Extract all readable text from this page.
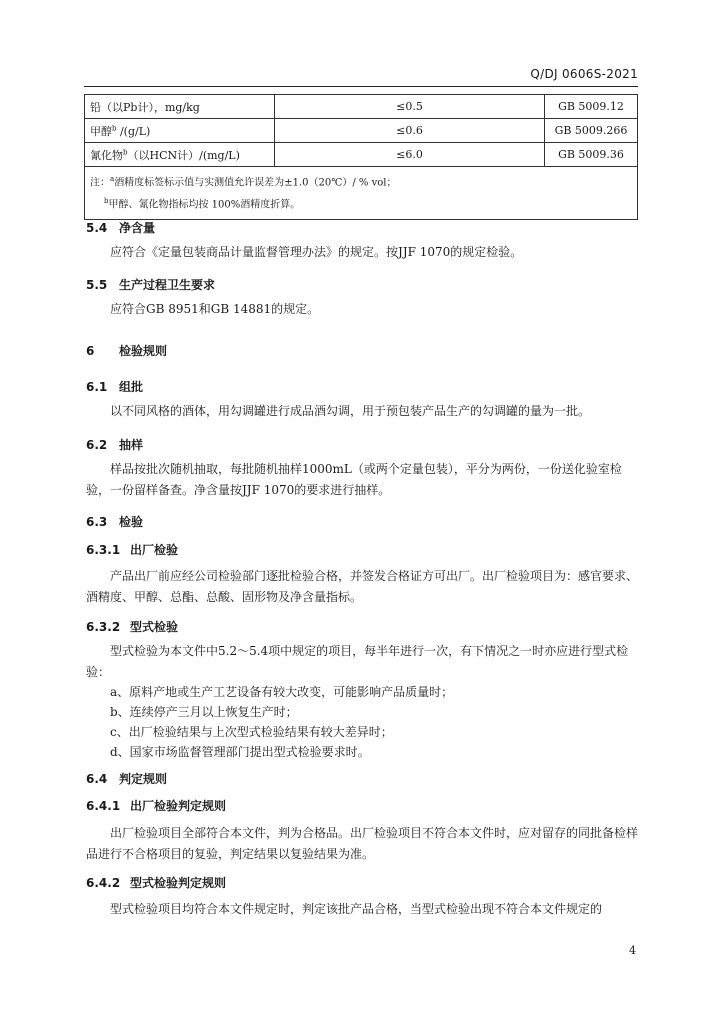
Q/DJ 0606S-2021
铅（以Pb计），mg/kg	≤0.5	GB 5009.12
甲醇$^b$ /(g/L)	≤0.6	GB 5009.266
氰化物$^b$（以HCN计）/(mg/L)	≤6.0	GB 5009.36

注：$^a$酒精度标签标示值与实测值允许误差为±1.0（20℃）/ % vol；
$^b$甲醇、氰化物指标均按 100%酒精度折算。		
5.4 净含量
应符合《定量包装商品计量监督管理办法》的规定。按JJF 1070的规定检验。
5.5 生产过程卫生要求
应符合GB 8951和GB 14881的规定。
6 检验规则
6.1 组批
以不同风格的酒体，用勾调罐进行成品酒勾调，用于预包装产品生产的勾调罐的量为一批。
6.2 抽样
样品按批次随机抽取，每批随机抽样1000mL（或两个定量包装），平分为两份，一份送化验室检验，一份留样备查。净含量按JJF 1070的要求进行抽样。
6.3 检验
6.3.1 出厂检验
产品出厂前应经公司检验部门逐批检验合格，并签发合格证方可出厂。出厂检验项目为：感官要求、酒精度、甲醇、总酯、总酸、固形物及净含量指标。
6.3.2 型式检验
型式检验为本文件中5.2～5.4项中规定的项目，每半年进行一次，有下情况之一时亦应进行型式检验：
a、原料产地或生产工艺设备有较大改变，可能影响产品质量时；
b、连续停产三月以上恢复生产时；
c、出厂检验结果与上次型式检验结果有较大差异时；
d、国家市场监督管理部门提出型式检验要求时。
6.4 判定规则
6.4.1 出厂检验判定规则
出厂检验项目全部符合本文件，判为合格品。出厂检验项目不符合本文件时，应对留存的同批备检样品进行不合格项目的复验，判定结果以复验结果为准。
6.4.2 型式检验判定规则
型式检验项目均符合本文件规定时，判定该批产品合格，当型式检验出现不符合本文件规定的
4
